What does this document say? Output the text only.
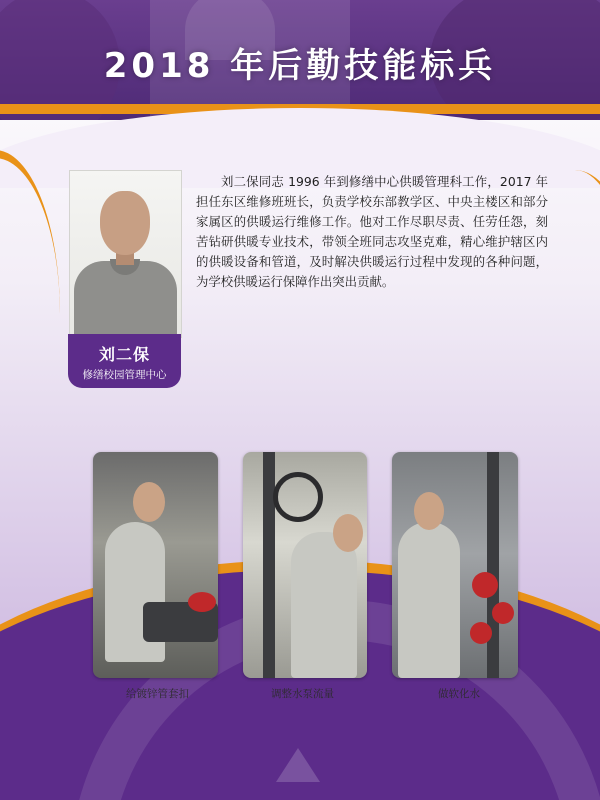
2018 年后勤技能标兵
刘二保
修缮校园管理中心
刘二保同志 1996 年到修缮中心供暖管理科工作，2017 年担任东区维修班班长，负责学校东部教学区、中央主楼区和部分家属区的供暖运行维修工作。他对工作尽职尽责、任劳任怨，刻苦钻研供暖专业技术，带领全班同志攻坚克难，精心维护辖区内的供暖设备和管道，及时解决供暖运行过程中发现的各种问题，为学校供暖运行保障作出突出贡献。
给镀锌管套扣	调整水泵流量	做软化水
